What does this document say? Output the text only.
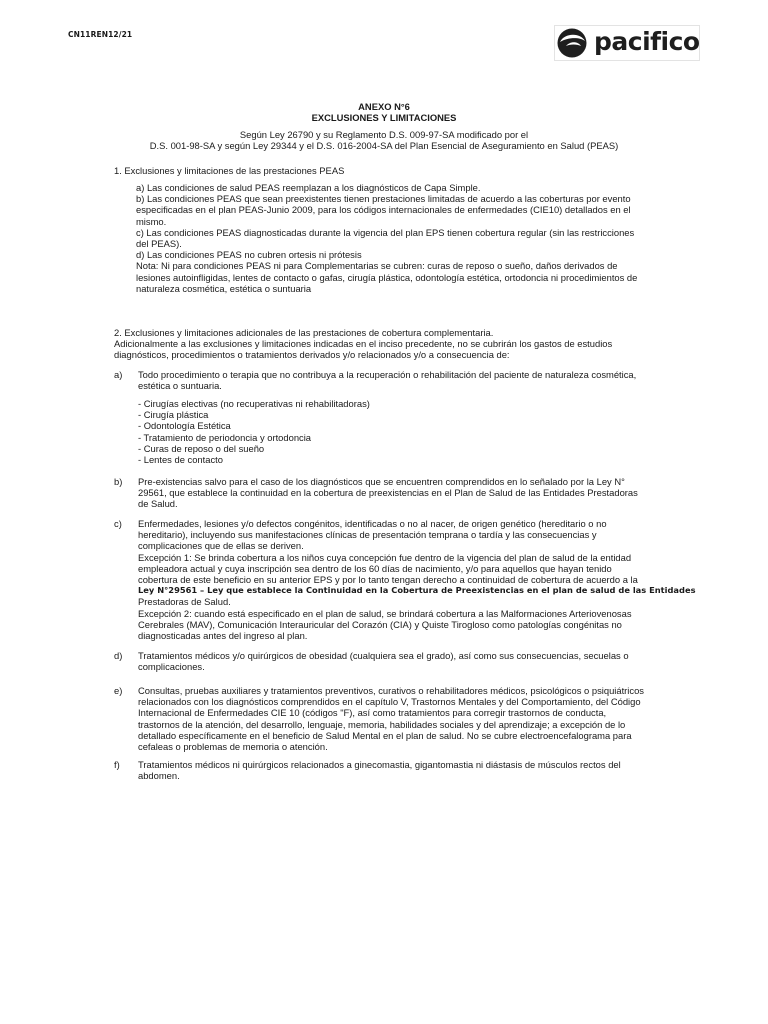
CN11REN12/21	pacifico
ANEXO N°6
EXCLUSIONES Y LIMITACIONES
Según Ley 26790 y su Reglamento D.S. 009-97-SA modificado por el
D.S. 001-98-SA y según Ley 29344 y el D.S. 016-2004-SA del Plan Esencial de Aseguramiento en Salud (PEAS)
1. Exclusiones y limitaciones de las prestaciones PEAS
a) Las condiciones de salud PEAS reemplazan a los diagnósticos de Capa Simple.
b) Las condiciones PEAS que sean preexistentes tienen prestaciones limitadas de acuerdo a las coberturas por evento
especificadas en el plan PEAS-Junio 2009, para los códigos internacionales de enfermedades (CIE10) detallados en el
mismo.
c) Las condiciones PEAS diagnosticadas durante la vigencia del plan EPS tienen cobertura regular (sin las restricciones
del PEAS).
d) Las condiciones PEAS no cubren ortesis ni prótesis
Nota: Ni para condiciones PEAS ni para Complementarias se cubren: curas de reposo o sueño, daños derivados de
lesiones autoinfligidas, lentes de contacto o gafas, cirugía plástica, odontología estética, ortodoncia ni procedimientos de
naturaleza cosmética, estética o suntuaria
2. Exclusiones y limitaciones adicionales de las prestaciones de cobertura complementaria.
Adicionalmente a las exclusiones y limitaciones indicadas en el inciso precedente, no se cubrirán los gastos de estudios
diagnósticos, procedimientos o tratamientos derivados y/o relacionados y/o a consecuencia de:
a) Todo procedimiento o terapia que no contribuya a la recuperación o rehabilitación del paciente de naturaleza cosmética,
estética o suntuaria.
- Cirugías electivas (no recuperativas ni rehabilitadoras)
- Cirugía plástica
- Odontología Estética
- Tratamiento de periodoncia y ortodoncia
- Curas de reposo o del sueño
- Lentes de contacto
b) Pre-existencias salvo para el caso de los diagnósticos que se encuentren comprendidos en lo señalado por la Ley N°
29561, que establece la continuidad en la cobertura de preexistencias en el Plan de Salud de las Entidades Prestadoras
de Salud.
c) Enfermedades, lesiones y/o defectos congénitos, identificadas o no al nacer, de origen genético (hereditario o no
hereditario), incluyendo sus manifestaciones clínicas de presentación temprana o tardía y las consecuencias y
complicaciones que de ellas se deriven.
Excepción 1: Se brinda cobertura a los niños cuya concepción fue dentro de la vigencia del plan de salud de la entidad
empleadora actual y cuya inscripción sea dentro de los 60 días de nacimiento, y/o para aquellos que hayan tenido
cobertura de este beneficio en su anterior EPS y por lo tanto tengan derecho a continuidad de cobertura de acuerdo a la
Ley N°29561 – Ley que establece la Continuidad en la Cobertura de Preexistencias en el plan de salud de las Entidades
Prestadoras de Salud.
Excepción 2: cuando está especificado en el plan de salud, se brindará cobertura a las Malformaciones Arteriovenosas
Cerebrales (MAV), Comunicación Interauricular del Corazón (CIA) y Quiste Tirogloso como patologías congénitas no
diagnosticadas antes del ingreso al plan.
d) Tratamientos médicos y/o quirúrgicos de obesidad (cualquiera sea el grado), así como sus consecuencias, secuelas o
complicaciones.
e) Consultas, pruebas auxiliares y tratamientos preventivos, curativos o rehabilitadores médicos, psicológicos o psiquiátricos
relacionados con los diagnósticos comprendidos en el capítulo V, Trastornos Mentales y del Comportamiento, del Código
Internacional de Enfermedades CIE 10 (códigos "F), así como tratamientos para corregir trastornos de conducta,
trastornos de la atención, del desarrollo, lenguaje, memoria, habilidades sociales y del aprendizaje; a excepción de lo
detallado específicamente en el beneficio de Salud Mental en el plan de salud. No se cubre electroencefalograma para
cefaleas o problemas de memoria o atención.
f) Tratamientos médicos ni quirúrgicos relacionados a ginecomastia, gigantomastia ni diástasis de músculos rectos del
abdomen.
